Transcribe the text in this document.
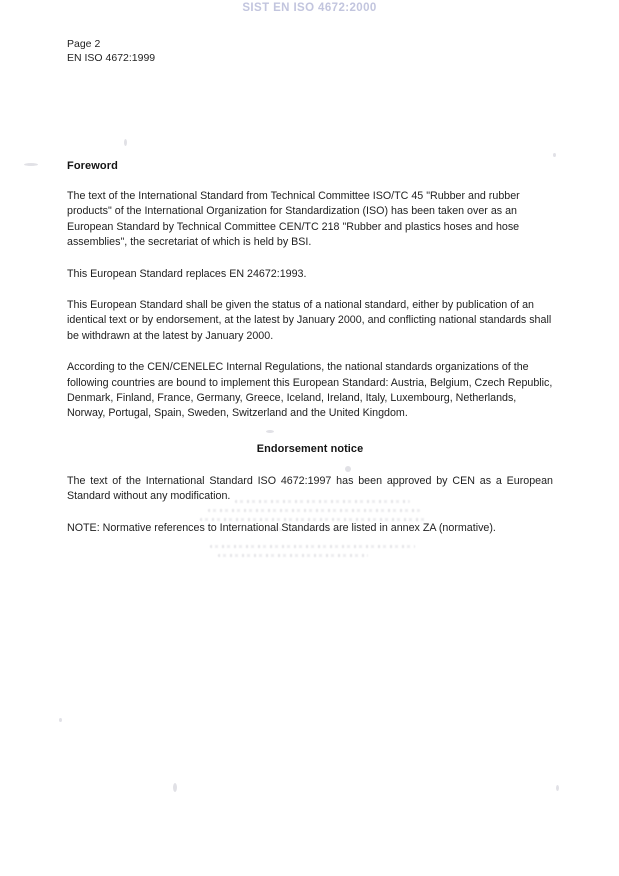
SIST EN ISO 4672:2000
Page 2
EN ISO 4672:1999
Foreword

The text of the International Standard from Technical Committee ISO/TC 45 "Rubber and rubber products" of the International Organization for Standardization (ISO) has been taken over as an European Standard by Technical Committee CEN/TC 218 "Rubber and plastics hoses and hose assemblies", the secretariat of which is held by BSI.

This European Standard replaces EN 24672:1993.

This European Standard shall be given the status of a national standard, either by publication of an identical text or by endorsement, at the latest by January 2000, and conflicting national standards shall be withdrawn at the latest by January 2000.

According to the CEN/CENELEC Internal Regulations, the national standards organizations of the following countries are bound to implement this European Standard: Austria, Belgium, Czech Republic, Denmark, Finland, France, Germany, Greece, Iceland, Ireland, Italy, Luxembourg, Netherlands, Norway, Portugal, Spain, Sweden, Switzerland and the United Kingdom.

Endorsement notice

The text of the International Standard ISO 4672:1997 has been approved by CEN as a European Standard without any modification.

NOTE: Normative references to International Standards are listed in annex ZA (normative).
